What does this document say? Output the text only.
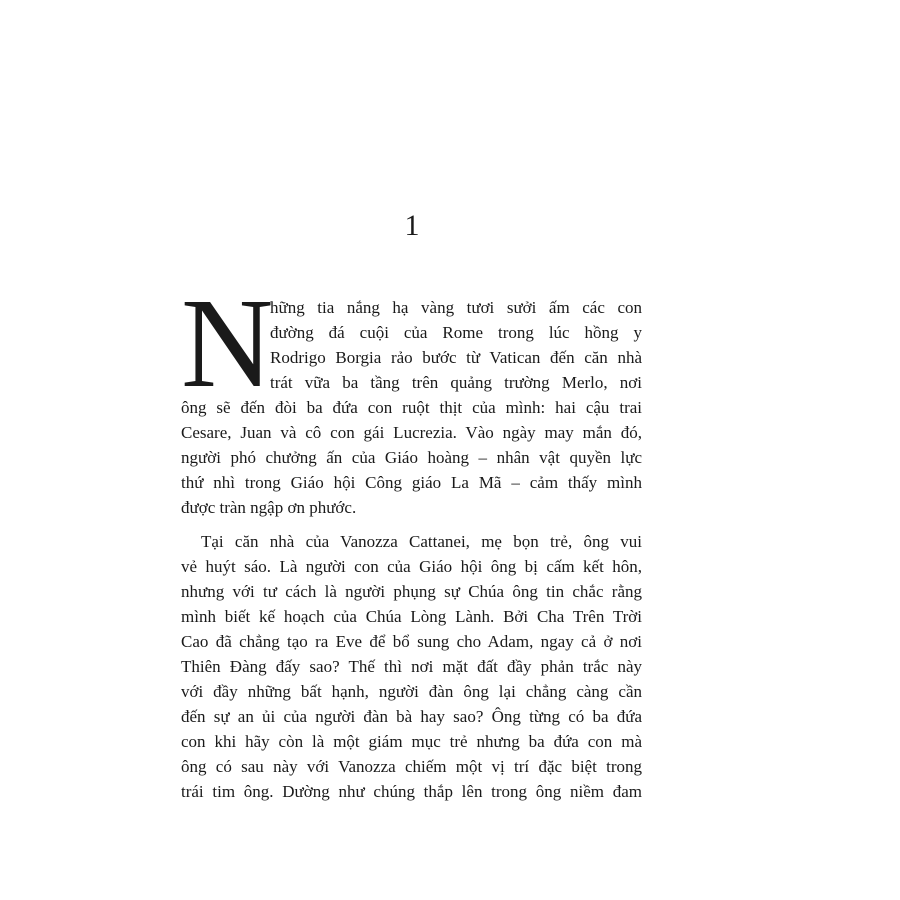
1
N
hững tia nắng hạ vàng tươi sưởi ấm các con
đường đá cuội của Rome trong lúc hồng y
Rodrigo Borgia rảo bước từ Vatican đến căn nhà
trát vữa ba tầng trên quảng trường Merlo, nơi
ông sẽ đến đòi ba đứa con ruột thịt của mình: hai cậu trai
Cesare, Juan và cô con gái Lucrezia. Vào ngày may mắn đó,
người phó chưởng ấn của Giáo hoàng – nhân vật quyền lực
thứ nhì trong Giáo hội Công giáo La Mã – cảm thấy mình
được tràn ngập ơn phước.
Tại căn nhà của Vanozza Cattanei, mẹ bọn trẻ, ông vui
vẻ huýt sáo. Là người con của Giáo hội ông bị cấm kết hôn,
nhưng với tư cách là người phụng sự Chúa ông tin chắc rằng
mình biết kế hoạch của Chúa Lòng Lành. Bởi Cha Trên Trời
Cao đã chẳng tạo ra Eve để bổ sung cho Adam, ngay cả ở nơi
Thiên Đàng đấy sao? Thế thì nơi mặt đất đầy phản trắc này
với đầy những bất hạnh, người đàn ông lại chẳng càng cần
đến sự an ủi của người đàn bà hay sao? Ông từng có ba đứa
con khi hãy còn là một giám mục trẻ nhưng ba đứa con mà
ông có sau này với Vanozza chiếm một vị trí đặc biệt trong
trái tim ông. Dường như chúng thắp lên trong ông niềm đam
